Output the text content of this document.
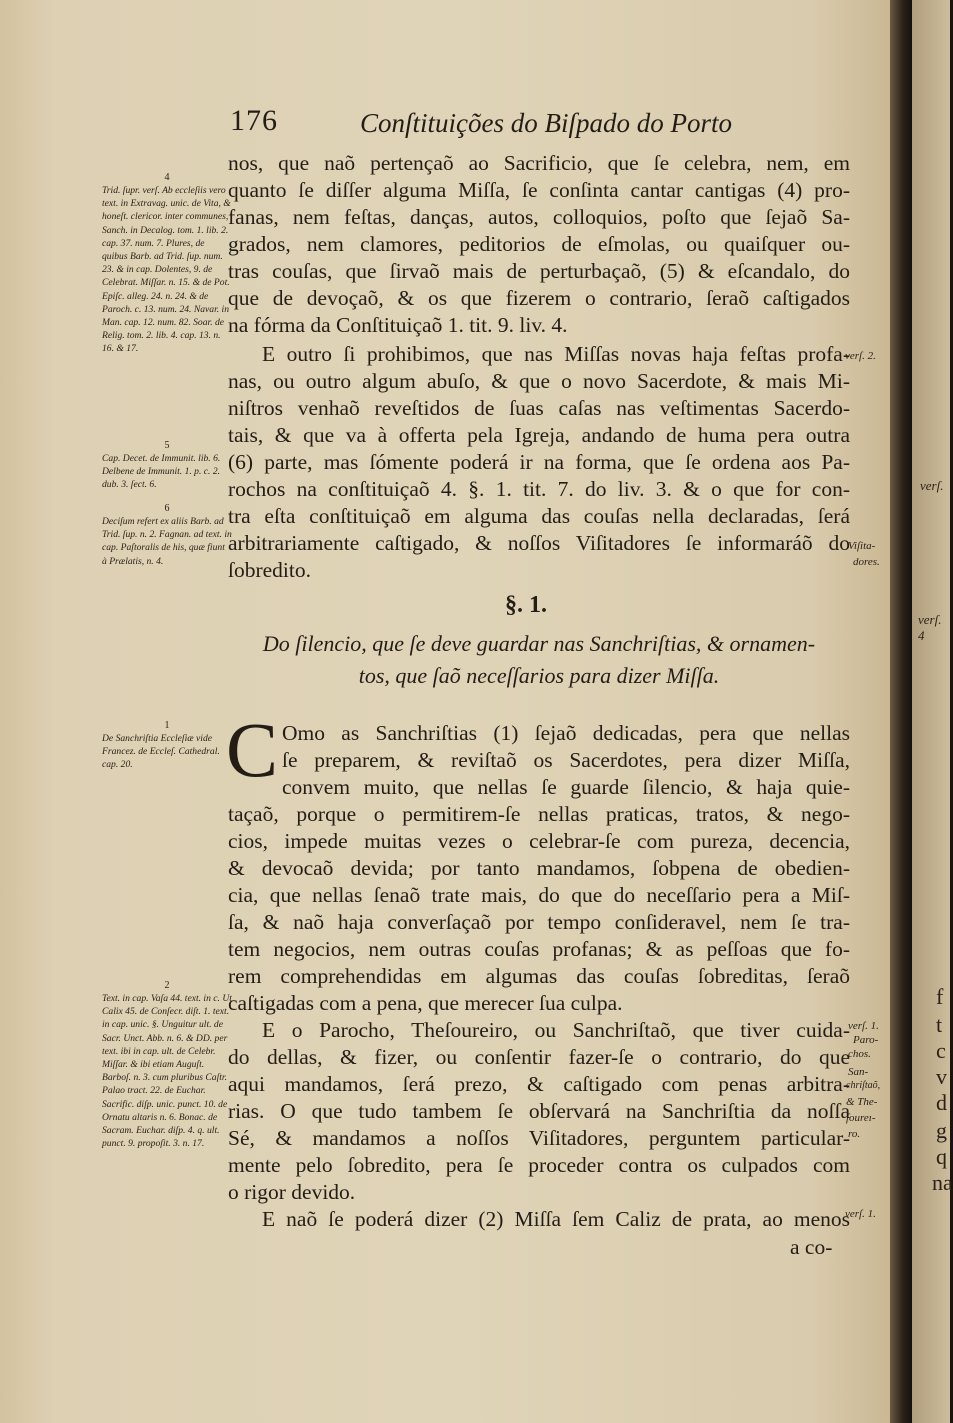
176	Conſtituições do Biſpado do Porto
nos, que naõ pertençaõ ao Sacrificio, que ſe celebra, nem, em
quanto ſe diſſer alguma Miſſa, ſe conſinta cantar cantigas (4) pro-
fanas, nem feſtas, danças, autos, colloquios, poſto que ſejaõ Sa-
grados, nem clamores, peditorios de eſmolas, ou quaiſquer ou-
tras couſas, que ſirvaõ mais de perturbaçaõ, (5) & eſcandalo, do
que de devoçaõ, & os que fizerem o contrario, ſeraõ caſtigados
na fórma da Conſtituiçaõ 1. tit. 9. liv. 4.
E outro ſi prohibimos, que nas Miſſas novas haja feſtas profa-
nas, ou outro algum abuſo, & que o novo Sacerdote, & mais Mi-
niſtros venhaõ reveſtidos de ſuas caſas nas veſtimentas Sacerdo-
tais, & que va à offerta pela Igreja, andando de huma pera outra
(6) parte, mas ſómente poderá ir na forma, que ſe ordena aos Pa-
rochos na conſtituiçaõ 4. §. 1. tit. 7. do liv. 3. & o que for con-
tra eſta conſtituiçaõ em alguma das couſas nella declaradas, ſerá
arbitrariamente caſtigado, & noſſos Viſitadores ſe informaráõ do
ſobredito.
§. 1.
Do ſilencio, que ſe deve guardar nas Sanchriſtias, & ornamen-
tos, que ſaõ neceſſarios para dizer Miſſa.
C Omo as Sanchriſtias (1) ſejaõ dedicadas, pera que nellas
ſe preparem, & reviſtaõ os Sacerdotes, pera dizer Miſſa,
convem muito, que nellas ſe guarde ſilencio, & haja quie-
taçaõ, porque o permitirem-ſe nellas praticas, tratos, & nego-
cios, impede muitas vezes o celebrar-ſe com pureza, decencia,
& devocaõ devida; por tanto mandamos, ſobpena de obedien-
cia, que nellas ſenaõ trate mais, do que do neceſſario pera a Miſ-
ſa, & naõ haja converſaçaõ por tempo conſideravel, nem ſe tra-
tem negocios, nem outras couſas profanas; & as peſſoas que fo-
rem comprehendidas em algumas das couſas ſobreditas, ſeraõ
caſtigadas com a pena, que merecer ſua culpa.
E o Parocho, Theſoureiro, ou Sanchriſtaõ, que tiver cuida-
do dellas, & fizer, ou conſentir fazer-ſe o contrario, do que
aqui mandamos, ſerá prezo, & caſtigado com penas arbitra-
rias. O que tudo tambem ſe obſervará na Sanchriſtia da noſſa
Sé, & mandamos a noſſos Viſitadores, perguntem particular-
mente pelo ſobredito, pera ſe proceder contra os culpados com
o rigor devido.
E naõ ſe poderá dizer (2) Miſſa ſem Caliz de prata, ao menos
a co-
4
Trid. ſupr. verſ. Ab eccleſiis vero text. in Extravag. unic. de Vita, & honeſt. clericor. inter communes, Sanch. in Decalog. tom. 1. lib. 2. cap. 37. num. 7. Plures, de quibus Barb. ad Trid. ſup. num. 23. & in cap. Dolentes, 9. de Celebrat. Miſſar. n. 15. & de Pot. Epiſc. alleg. 24. n. 24. & de Paroch. c. 13. num. 24. Navar. in Man. cap. 12. num. 82. Soar. de Relig. tom. 2. lib. 4. cap. 13. n. 16. & 17.
5
Cap. Decet. de Immunit. lib. 6. Delbene de Immunit. 1. p. c. 2. dub. 3. ſect. 6.
6
Deciſum refert ex aliis Barb. ad Trid. ſup. n. 2. Fagnan. ad text. in cap. Paſtoralis de his, quæ fiunt à Prælatis, n. 4.
1
De Sanchriſtia Eccleſiæ vide Francez. de Eccleſ. Cathedral. cap. 20.
2
Text. in cap. Vaſa 44. text. in c. Ut Calix 45. de Conſecr. diſt. 1. text. in cap. unic. §. Unguitur ult. de Sacr. Unct. Abb. n. 6. & DD. per text. ibi in cap. ult. de Celebr. Miſſar. & ibi etiam Auguſt. Barboſ. n. 3. cum pluribus Caſtr. Palao tract. 22. de Euchar. Sacrific. diſp. unic. punct. 10. de Ornatu altaris n. 6. Bonac. de Sacram. Euchar. diſp. 4. q. ult. punct. 9. propoſit. 3. n. 17.
verſ. 2.
Viſita-
dores.
verſ. 1.
Paro-
chos.
San-
chriſtaõ,
& The-
ſoureı-
ro.
verſ. 1.
verſ.
verſ. 4
f
t
c
v
d
g
q
na
